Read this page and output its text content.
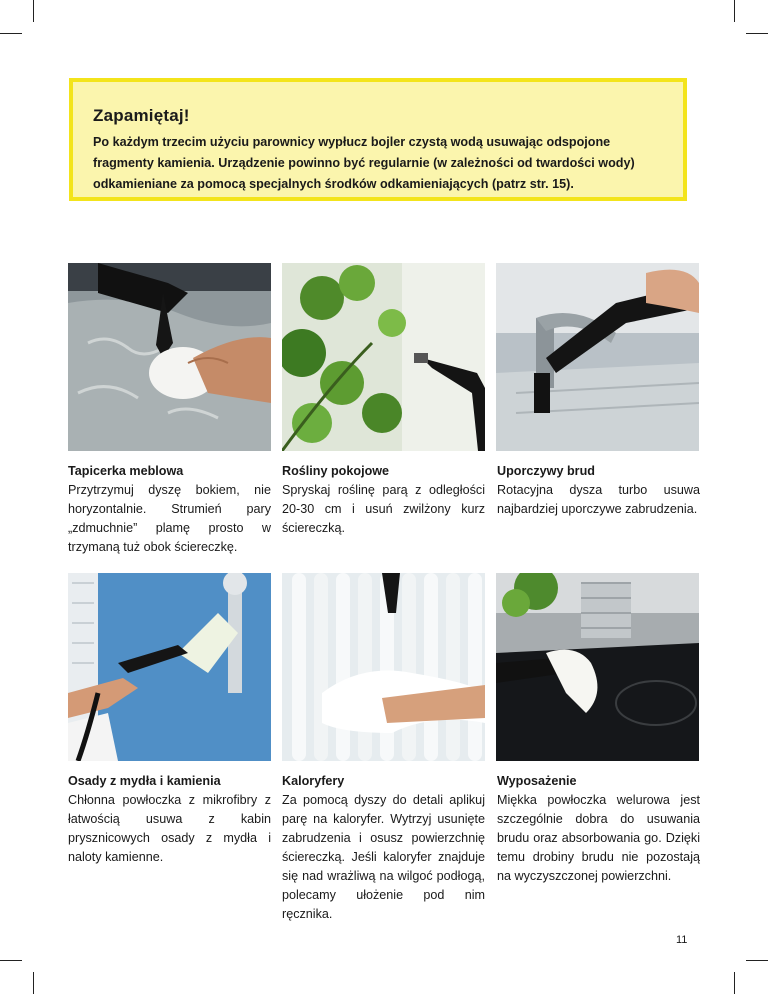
Zapamiętaj!

Po każdym trzecim użyciu parownicy wypłucz bojler czystą wodą usuwając odspojone fragmenty kamienia. Urządzenie powinno być regularnie (w zależności od twardości wody) odkamieniane za pomocą specjalnych środków odkamieniających (patrz str. 15).

Tapicerka meblowa

Przytrzymuj dyszę bokiem, nie horyzontalnie. Strumień pary „zdmuchnie” plamę prosto w trzymaną tuż obok ściereczkę.

Rośliny pokojowe

Spryskaj roślinę parą z odległości 20-30 cm i usuń zwilżony kurz ściereczką.

Uporczywy brud

Rotacyjna dysza turbo usuwa najbardziej uporczywe zabrudzenia.

Osady z mydła i kamienia

Chłonna powłoczka z mikrofibry z łatwością usuwa z kabin prysznicowych osady z mydła i naloty kamienne.

Kaloryfery

Za pomocą dyszy do detali aplikuj parę na kaloryfer. Wytrzyj usunięte zabrudzenia i osusz powierzchnię ściereczką. Jeśli kaloryfer znajduje się nad wrażliwą na wilgoć podłogą, polecamy ułożenie pod nim ręcznika.

Wyposażenie

Miękka powłoczka welurowa jest szczególnie dobra do usuwania brudu oraz absorbowania go. Dzięki temu drobiny brudu nie pozostają na wyczyszczonej powierzchni.

11
